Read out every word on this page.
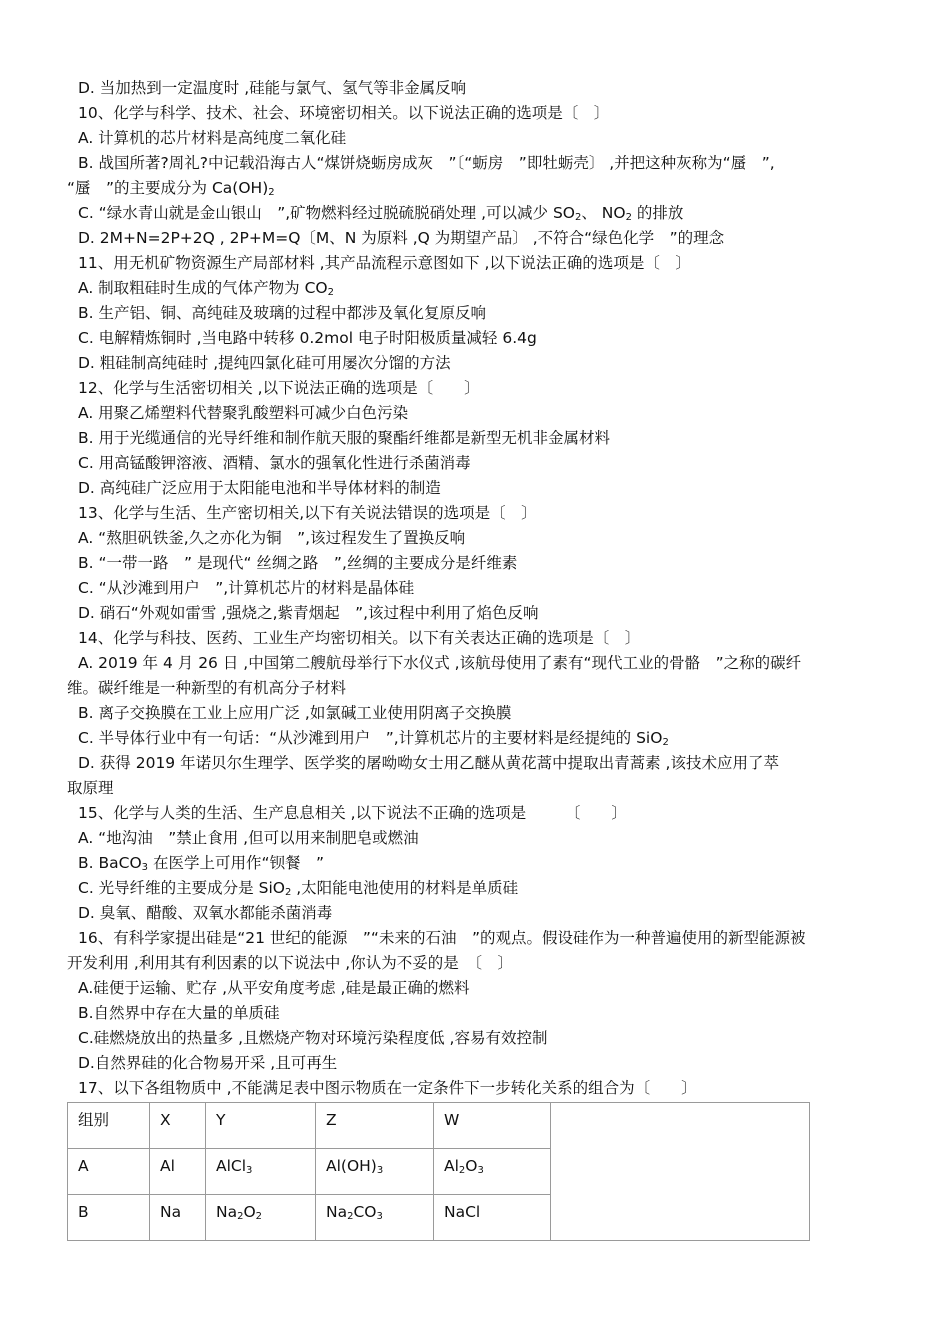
D. 当加热到一定温度时 ,硅能与氯气、氢气等非金属反响
10、化学与科学、技术、社会、环境密切相关。以下说法正确的选项是〔　〕
A. 计算机的芯片材料是高纯度二氧化硅
B. 战国所著?周礼?中记载沿海古人“煤饼烧蛎房成灰　”〔“蛎房　”即牡蛎壳〕 ,并把这种灰称为“蜃　”,
“蜃　”的主要成分为 $Ca(OH)_2$
C. “绿水青山就是金山银山　”,矿物燃料经过脱硫脱硝处理 ,可以减少 $SO_2$、 $NO_2$ 的排放
D. 2M+N=2P+2Q , 2P+M=Q〔M、N 为原料 ,Q 为期望产品〕 ,不符合“绿色化学　”的理念
11、用无机矿物资源生产局部材料 ,其产品流程示意图如下 ,以下说法正确的选项是〔　〕
A. 制取粗硅时生成的气体产物为 $CO_2$
B. 生产铝、铜、高纯硅及玻璃的过程中都涉及氧化复原反响
C. 电解精炼铜时 ,当电路中转移 0.2mol 电子时阳极质量减轻 6.4g
D. 粗硅制高纯硅时 ,提纯四氯化硅可用屡次分馏的方法
12、化学与生活密切相关 ,以下说法正确的选项是〔　　〕
A. 用聚乙烯塑料代替聚乳酸塑料可减少白色污染
B. 用于光缆通信的光导纤维和制作航天服的聚酯纤维都是新型无机非金属材料
C. 用高锰酸钾溶液、酒精、氯水的强氧化性进行杀菌消毒
D. 高纯硅广泛应用于太阳能电池和半导体材料的制造
13、化学与生活、生产密切相关,以下有关说法错误的选项是〔　〕
A. “熬胆矾铁釜,久之亦化为铜　”,该过程发生了置换反响
B. “一带一路　” 是现代“ 丝绸之路　”,丝绸的主要成分是纤维素
C. “从沙滩到用户　”,计算机芯片的材料是晶体硅
D. 硝石“外观如雷雪 ,强烧之,紫青烟起　”,该过程中利用了焰色反响
14、化学与科技、医药、工业生产均密切相关。以下有关表达正确的选项是〔　〕
A. 2019 年 4 月 26 日 ,中国第二艘航母举行下水仪式 ,该航母使用了素有“现代工业的骨骼　”之称的碳纤
维。碳纤维是一种新型的有机高分子材料
B. 离子交换膜在工业上应用广泛 ,如氯碱工业使用阴离子交换膜
C. 半导体行业中有一句话：“从沙滩到用户　”,计算机芯片的主要材料是经提纯的 SiO$_2$
D. 获得 2019 年诺贝尔生理学、医学奖的屠呦呦女士用乙醚从黄花蒿中提取出青蒿素 ,该技术应用了萃
取原理
15、化学与人类的生活、生产息息相关 ,以下说法不正确的选项是　　　〔　　〕
A. “地沟油　”禁止食用 ,但可以用来制肥皂或燃油
B. BaCO$_3$ 在医学上可用作“钡餐　”
C. 光导纤维的主要成分是 SiO$_2$ ,太阳能电池使用的材料是单质硅
D. 臭氧、醋酸、双氧水都能杀菌消毒
16、有科学家提出硅是“21 世纪的能源　”“未来的石油　”的观点。假设硅作为一种普遍使用的新型能源被
开发利用 ,利用其有利因素的以下说法中 ,你认为不妥的是　〔　〕
A.硅便于运输、贮存 ,从平安角度考虑 ,硅是最正确的燃料
B.自然界中存在大量的单质硅
C.硅燃烧放出的热量多 ,且燃烧产物对环境污染程度低 ,容易有效控制
D.自然界硅的化合物易开采 ,且可再生
17、以下各组物质中 ,不能满足表中图示物质在一定条件下一步转化关系的组合为〔　　〕
组别	X	Y	Z	W	
A	Al	AlCl$_3$	$Al(OH)_3$	$Al_2O_3$
B	Na	$Na_2O_2$	$Na_2CO_3$	NaCl	
